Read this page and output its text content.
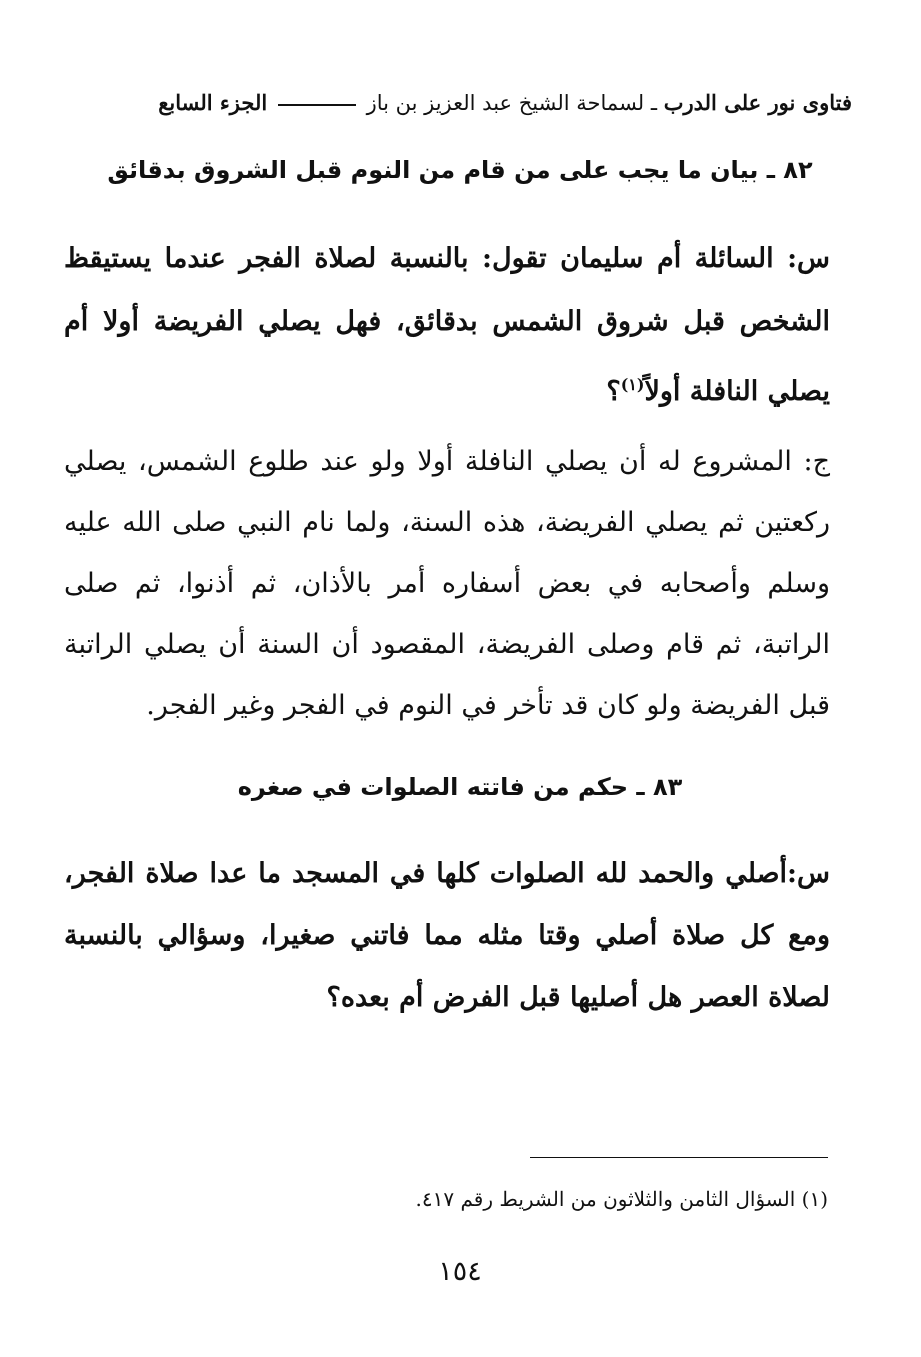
فتاوى نور على الدرب ـ لسماحة الشيخ عبد العزيز بن باز  الجزء السابع
٨٢ ـ بيان ما يجب على من قام من النوم قبل الشروق بدقائق
س: السائلة أم سليمان تقول: بالنسبة لصلاة الفجر عندما يستيقظ الشخص قبل شروق الشمس بدقائق، فهل يصلي الفريضة أولا أم يصلي النافلة أولاً$^{(١)}$؟
ج: المشروع له أن يصلي النافلة أولا ولو عند طلوع الشمس، يصلي ركعتين ثم يصلي الفريضة، هذه السنة، ولما نام النبي صلى الله عليه وسلم وأصحابه في بعض أسفاره أمر بالأذان، ثم أذنوا، ثم صلى الراتبة، ثم قام وصلى الفريضة، المقصود أن السنة أن يصلي الراتبة قبل الفريضة ولو كان قد تأخر في النوم في الفجر وغير الفجر.
٨٣ ـ حكم من فاتته الصلوات في صغره
س:أصلي والحمد لله الصلوات كلها في المسجد ما عدا صلاة الفجر، ومع كل صلاة أصلي وقتا مثله مما فاتني صغيرا، وسؤالي بالنسبة لصلاة العصر هل أصليها قبل الفرض أم بعده؟
(١) السؤال الثامن والثلاثون من الشريط رقم ٤١٧.
١٥٤
